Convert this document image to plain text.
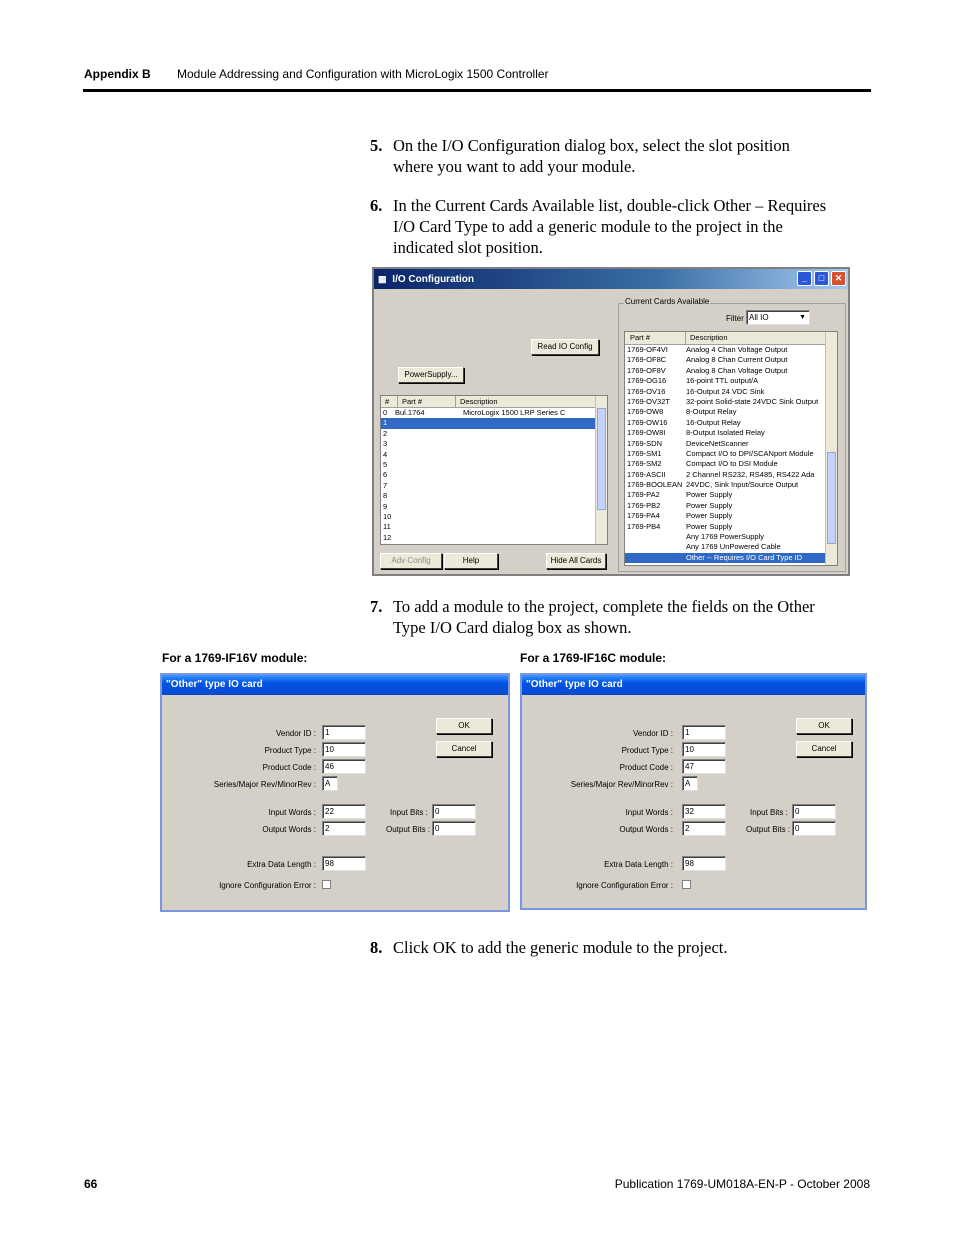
Appendix B Module Addressing and Configuration with MicroLogix 1500 Controller
5. On the I/O Configuration dialog box, select the slot position
where you want to add your module.
6. In the Current Cards Available list, double-click Other – Requires
I/O Card Type to add a generic module to the project in the
indicated slot position.
▦ I/O Configuration	_	□	✕
Current Cards Available
Filter All IO	▼
Part #	Description
1769-OF4VI Analog 4 Chan Voltage Output
1769-OF8C	Analog 8 Chan Current Output
1769-OF8V	Analog 8 Chan Voltage Output
1769-OG16	16-point TTL output/A
1769-OV16	16-Output 24 VDC Sink
1769-OV32T 32-point Solid-state 24VDC Sink Output
1769-OW8	8-Output Relay
1769-OW16 16-Output Relay
1769-OW8I	8-Output Isolated Relay
1769-SDN	DeviceNetScanner
1769-SM1	Compact I/O to DPI/SCANport Module
1769-SM2	Compact I/O to DSI Module
1769-ASCII	2 Channel RS232, RS485, RS422 Ada
1769-BOOLEAN 24VDC, Sink Input/Source Output
1769-PA2	Power Supply
1769-PB2	Power Supply
1769-PA4	Power Supply
1769-PB4	Power Supply
Any 1769 PowerSupply
Any 1769 UnPowered Cable
Other -- Requires I/O Card Type ID
Read IO Config
PowerSupply...
#	Part #	Description
0 Bul.1764	MicroLogix 1500 LRP Series C
1
2
3
4
5
6
7
8
9
10
11
12
Adv Config	Help	Hide All Cards
7. To add a module to the project, complete the fields on the Other
Type I/O Card dialog box as shown.
For a 1769-IF16V module:	For a 1769-IF16C module:
"Other" type IO card
Vendor ID :	1
Product Type :	10
Product Code :	46
Series/Major Rev/MinorRev :	A
Input Words :	22
Output Words :	2
Input Bits : 0
Output Bits : 0
Extra Data Length :	98
Ignore Configuration Error :
OK
Cancel
"Other" type IO card
Vendor ID :	1
Product Type :	10
Product Code :	47
Series/Major Rev/MinorRev :	A
Input Words :	32
Output Words :	2
Input Bits : 0
Output Bits : 0
Extra Data Length :	98
Ignore Configuration Error :
OK
Cancel
8. Click OK to add the generic module to the project.
66	Publication 1769-UM018A-EN-P - October 2008
